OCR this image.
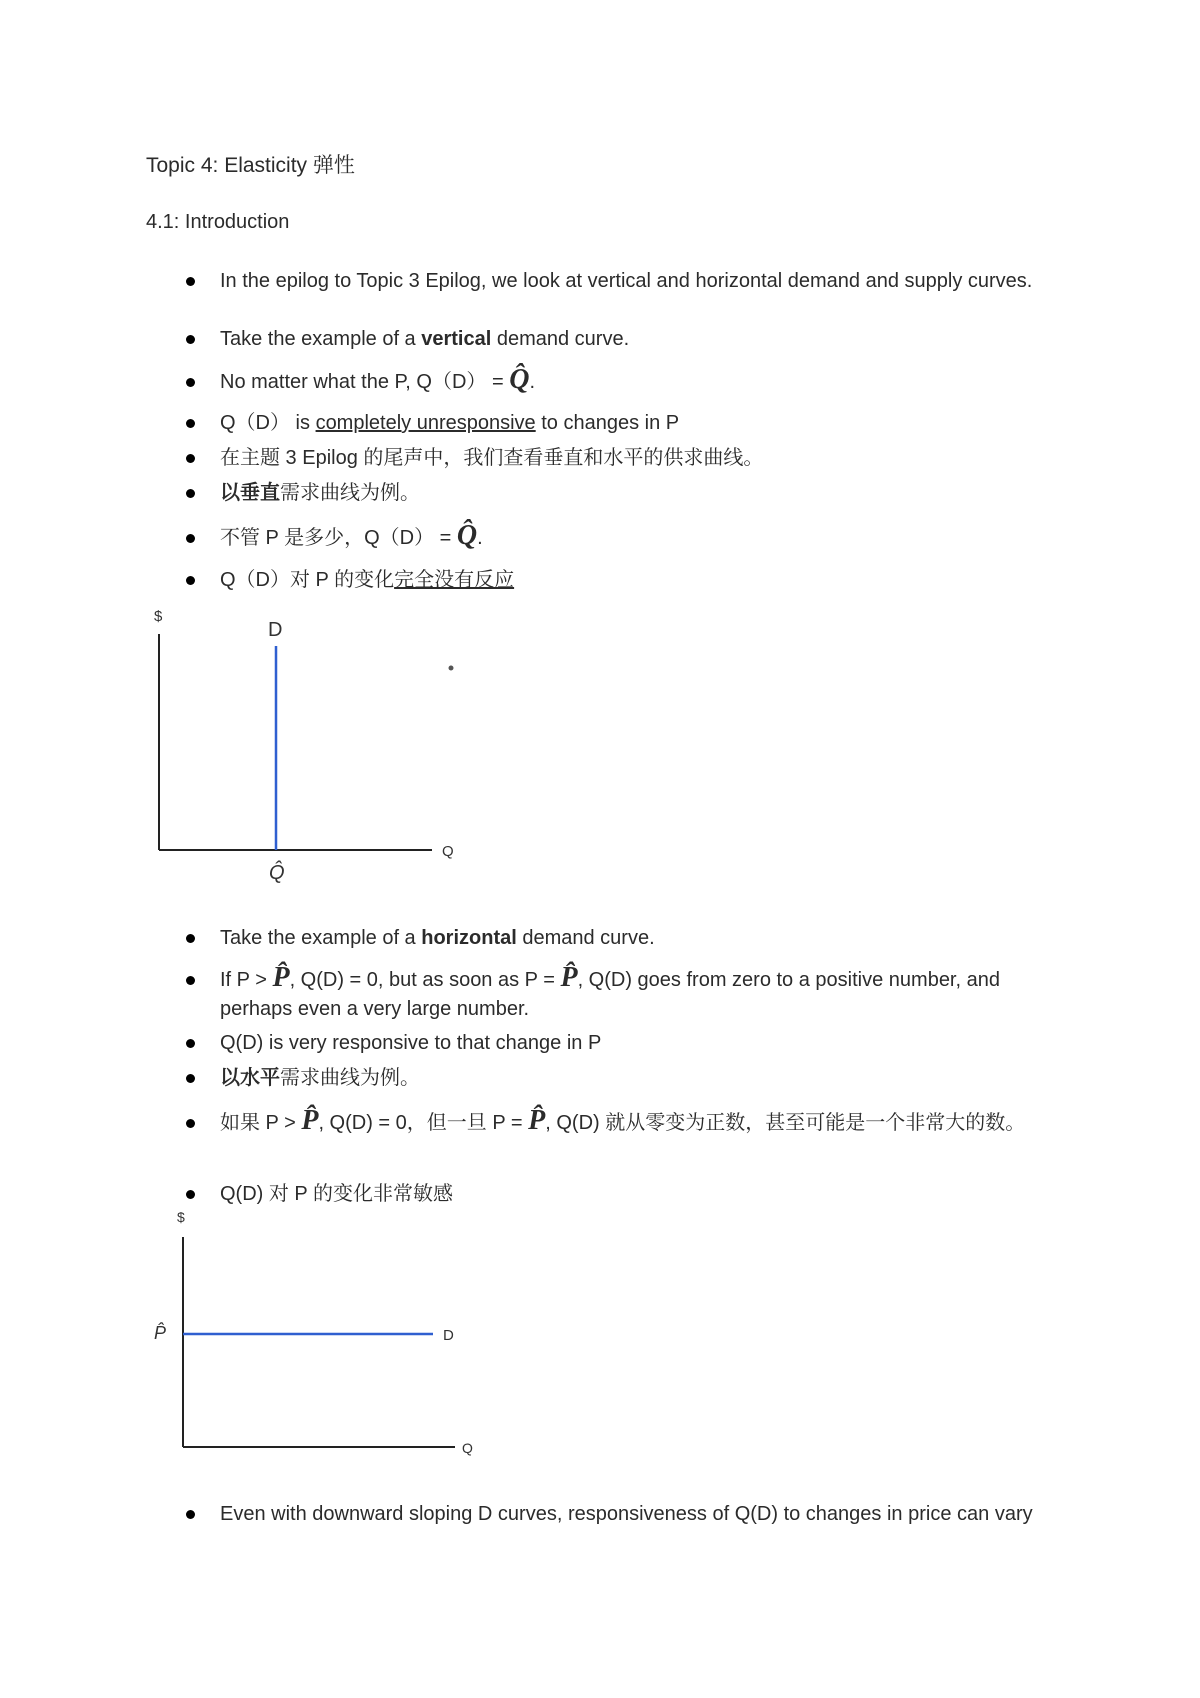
Topic 4: Elasticity 弹性
4.1: Introduction
In the epilog to Topic 3 Epilog, we look at vertical and horizontal demand and supply curves.
Take the example of a vertical demand curve.
No matter what the P, Q（D） = Q̂.
Q（D） is completely unresponsive to changes in P
在主题 3 Epilog 的尾声中，我们查看垂直和水平的供求曲线。
以垂直需求曲线为例。
不管 P 是多少，Q（D） = Q̂.
Q（D）对 P 的变化完全没有反应
Take the example of a horizontal demand curve.
If P > P̂, Q(D) = 0, but as soon as P = P̂, Q(D) goes from zero to a positive number, and perhaps even a very large number.
Q(D) is very responsive to that change in P
以水平需求曲线为例。
如果 P > P̂, Q(D) = 0，但一旦 P = P̂, Q(D) 就从零变为正数，甚至可能是一个非常大的数。
Q(D) 对 P 的变化非常敏感
Even with downward sloping D curves, responsiveness of Q(D) to changes in price can vary
$
Q
D
Q̂
$
Q
P̂	D
